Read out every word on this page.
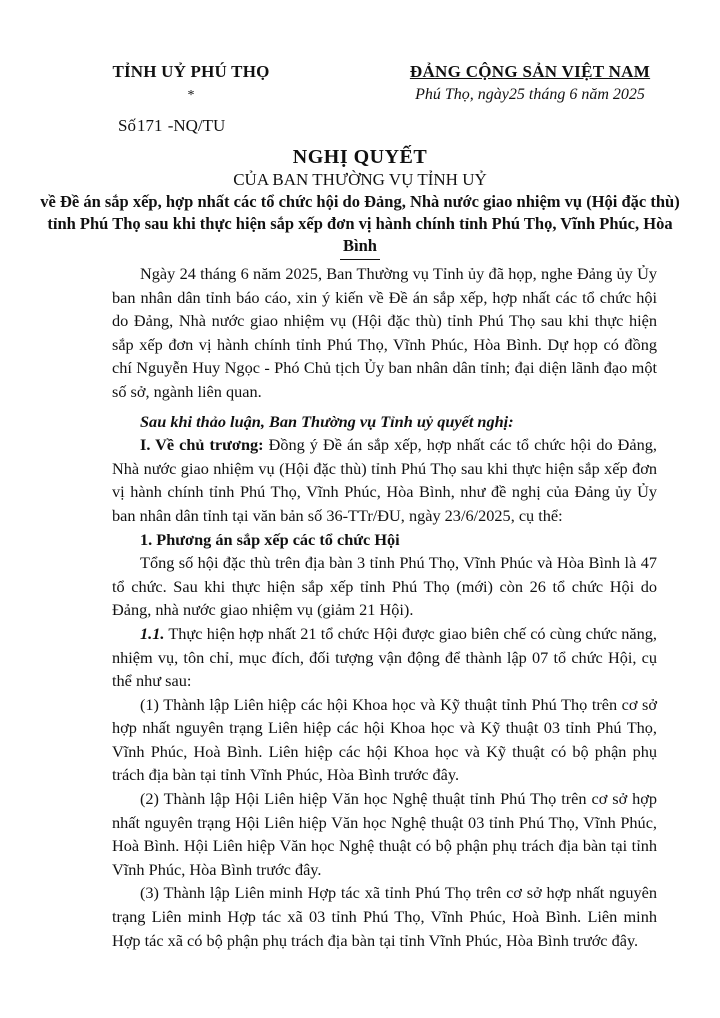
TỈNH UỶ PHÚ THỌ
*
Số171 -NQ/TU
ĐẢNG CỘNG SẢN VIỆT NAM
Phú Thọ, ngày25 tháng 6 năm 2025
NGHỊ QUYẾT
CỦA BAN THƯỜNG VỤ TỈNH UỶ
về Đề án sắp xếp, hợp nhất các tổ chức hội do Đảng, Nhà nước giao nhiệm vụ (Hội đặc thù) tỉnh Phú Thọ sau khi thực hiện sắp xếp đơn vị hành chính tỉnh Phú Thọ, Vĩnh Phúc, Hòa Bình

Ngày 24 tháng 6 năm 2025, Ban Thường vụ Tỉnh ủy đã họp, nghe Đảng ủy Ủy ban nhân dân tỉnh báo cáo, xin ý kiến về Đề án sắp xếp, hợp nhất các tổ chức hội do Đảng, Nhà nước giao nhiệm vụ (Hội đặc thù) tỉnh Phú Thọ sau khi thực hiện sắp xếp đơn vị hành chính tỉnh Phú Thọ, Vĩnh Phúc, Hòa Bình. Dự họp có đồng chí Nguyễn Huy Ngọc - Phó Chủ tịch Ủy ban nhân dân tỉnh; đại diện lãnh đạo một số sở, ngành liên quan.

Sau khi thảo luận, Ban Thường vụ Tỉnh uỷ quyết nghị:

I. Về chủ trương: Đồng ý Đề án sắp xếp, hợp nhất các tổ chức hội do Đảng, Nhà nước giao nhiệm vụ (Hội đặc thù) tỉnh Phú Thọ sau khi thực hiện sắp xếp đơn vị hành chính tỉnh Phú Thọ, Vĩnh Phúc, Hòa Bình, như đề nghị của Đảng ủy Ủy ban nhân dân tỉnh tại văn bản số 36-TTr/ĐU, ngày 23/6/2025, cụ thể:

1. Phương án sắp xếp các tổ chức Hội

Tổng số hội đặc thù trên địa bàn 3 tỉnh Phú Thọ, Vĩnh Phúc và Hòa Bình là 47 tổ chức. Sau khi thực hiện sắp xếp tỉnh Phú Thọ (mới) còn 26 tổ chức Hội do Đảng, nhà nước giao nhiệm vụ (giảm 21 Hội).

1.1. Thực hiện hợp nhất 21 tổ chức Hội được giao biên chế có cùng chức năng, nhiệm vụ, tôn chỉ, mục đích, đối tượng vận động để thành lập 07 tổ chức Hội, cụ thể như sau:

(1) Thành lập Liên hiệp các hội Khoa học và Kỹ thuật tỉnh Phú Thọ trên cơ sở hợp nhất nguyên trạng Liên hiệp các hội Khoa học và Kỹ thuật 03 tỉnh Phú Thọ, Vĩnh Phúc, Hoà Bình. Liên hiệp các hội Khoa học và Kỹ thuật có bộ phận phụ trách địa bàn tại tỉnh Vĩnh Phúc, Hòa Bình trước đây.

(2) Thành lập Hội Liên hiệp Văn học Nghệ thuật tỉnh Phú Thọ trên cơ sở hợp nhất nguyên trạng Hội Liên hiệp Văn học Nghệ thuật 03 tỉnh Phú Thọ, Vĩnh Phúc, Hoà Bình. Hội Liên hiệp Văn học Nghệ thuật có bộ phận phụ trách địa bàn tại tỉnh Vĩnh Phúc, Hòa Bình trước đây.

(3) Thành lập Liên minh Hợp tác xã tỉnh Phú Thọ trên cơ sở hợp nhất nguyên trạng Liên minh Hợp tác xã 03 tỉnh Phú Thọ, Vĩnh Phúc, Hoà Bình. Liên minh Hợp tác xã có bộ phận phụ trách địa bàn tại tỉnh Vĩnh Phúc, Hòa Bình trước đây.
